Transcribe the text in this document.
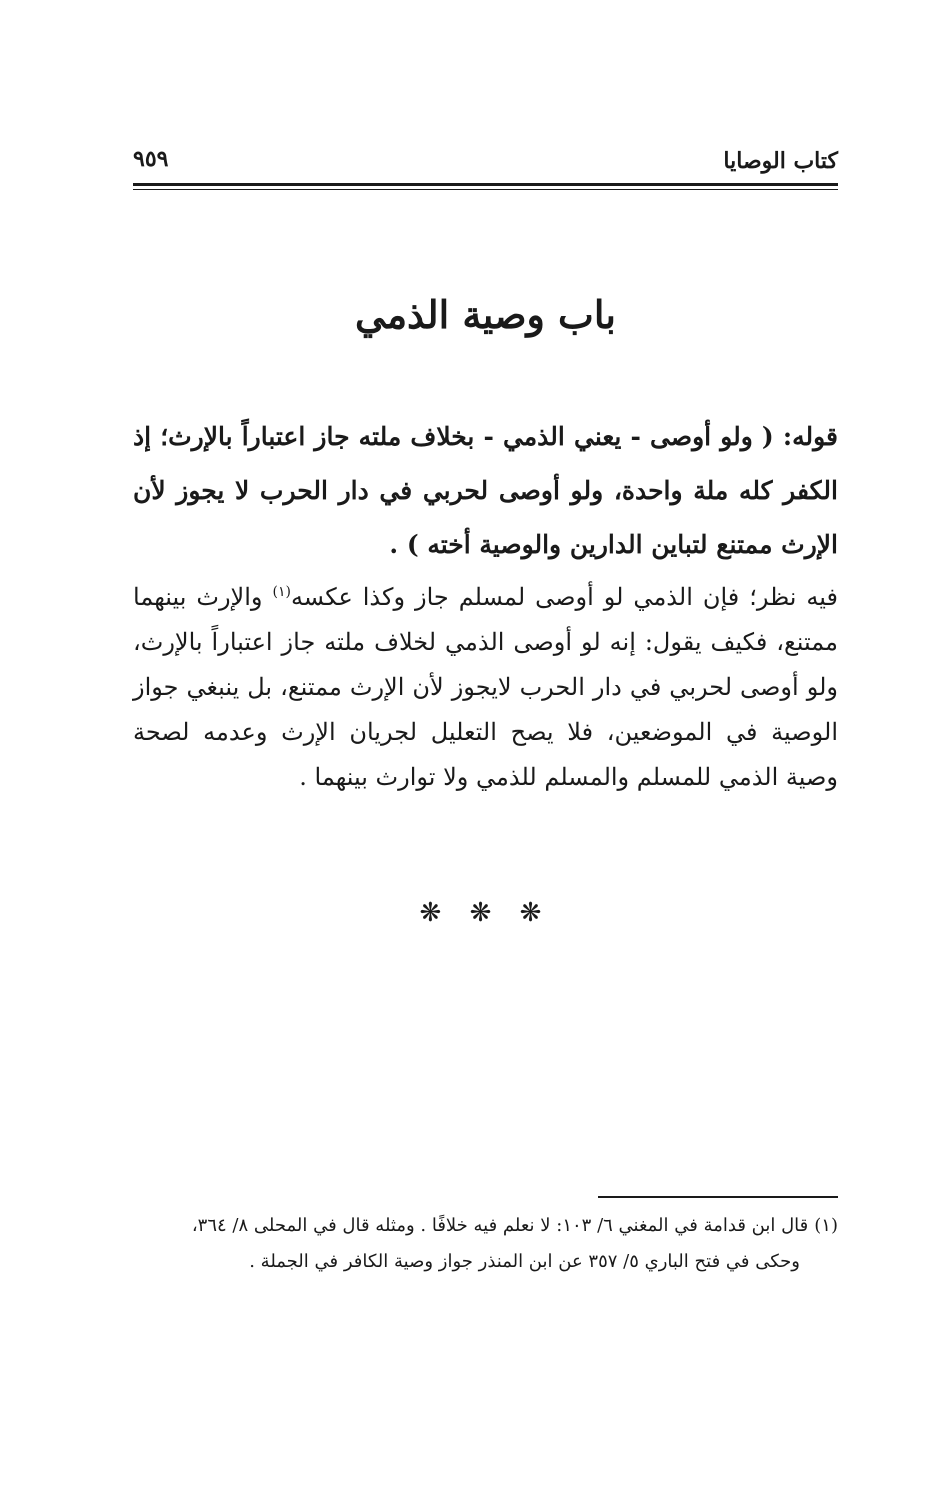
كتاب الوصايا
٩٥٩
باب وصية الذمي
قوله: ( ولو أوصى - يعني الذمي - بخلاف ملته جاز اعتباراً بالإرث؛ إذ الكفر كله ملة واحدة، ولو أوصى لحربي في دار الحرب لا يجوز لأن الإرث ممتنع لتباين الدارين والوصية أخته ) .
فيه نظر؛ فإن الذمي لو أوصى لمسلم جاز وكذا عكسه$^{(١)}$ والإرث بينهما ممتنع، فكيف يقول: إنه لو أوصى الذمي لخلاف ملته جاز اعتباراً بالإرث، ولو أوصى لحربي في دار الحرب لايجوز لأن الإرث ممتنع، بل ينبغي جواز الوصية في الموضعين، فلا يصح التعليل لجريان الإرث وعدمه لصحة وصية الذمي للمسلم والمسلم للذمي ولا توارث بينهما .
❋ ❋ ❋
(١)قال ابن قدامة في المغني ٦/ ١٠٣: لا نعلم فيه خلافًا . ومثله قال في المحلى ٨/ ٣٦٤،
وحكى في فتح الباري ٥/ ٣٥٧ عن ابن المنذر جواز وصية الكافر في الجملة .
